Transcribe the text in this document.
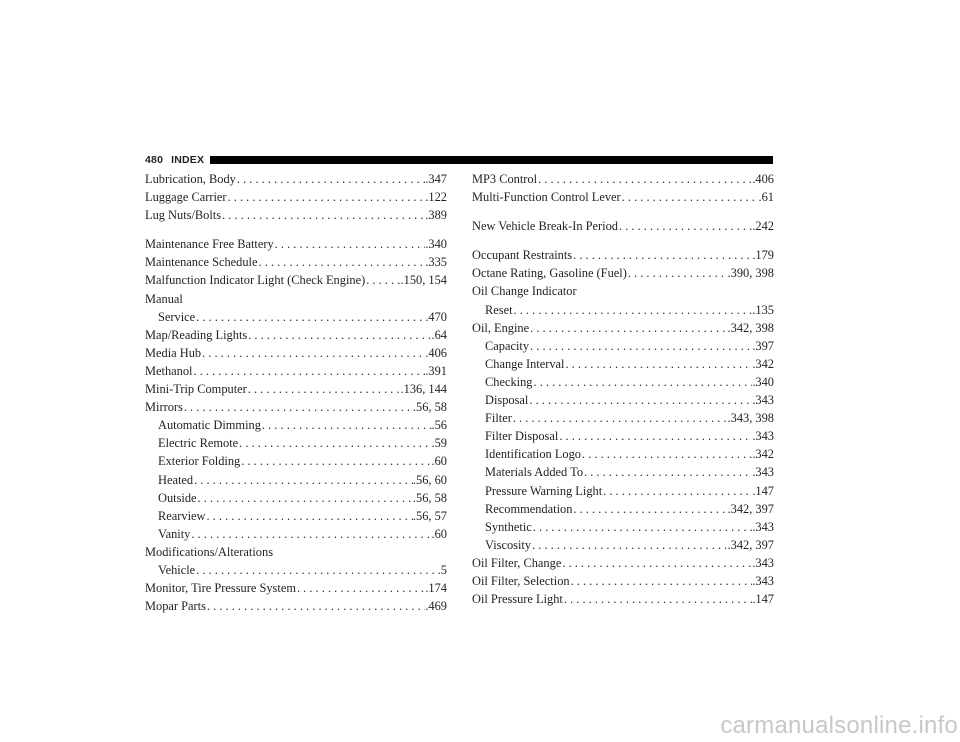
480 INDEX
Lubrication, Body . . .	.347
Luggage Carrier . . .	.122
Lug Nuts/Bolts . . .	.389
Maintenance Free Battery . . .	.340
Maintenance Schedule . . .	.335
Malfunction Indicator Light (Check Engine) . . .	.150, 154
Manual
Service . . .	.470
Map/Reading Lights . . .	.64
Media Hub . . .	.406
Methanol . . .	.391
Mini-Trip Computer . . .	.136, 144
Mirrors . . .	.56, 58
Automatic Dimming . . .	.56
Electric Remote . . .	.59
Exterior Folding . . .	.60
Heated . . .	.56, 60
Outside . . .	.56, 58
Rearview . . .	.56, 57
Vanity . . .	.60
Modifications/Alterations
Vehicle . . .	.5
Monitor, Tire Pressure System . . .	.174
Mopar Parts . . .	.469
MP3 Control . . .	.406
Multi-Function Control Lever . . .	.61
New Vehicle Break-In Period . . .	.242
Occupant Restraints . . .	.179
Octane Rating, Gasoline (Fuel) . . .	.390, 398
Oil Change Indicator
Reset . . .	.135
Oil, Engine . . .	.342, 398
Capacity . . .	.397
Change Interval . . .	.342
Checking . . .	.340
Disposal . . .	.343
Filter . . .	.343, 398
Filter Disposal . . .	.343
Identification Logo . . .	.342
Materials Added To . . .	.343
Pressure Warning Light . . .	.147
Recommendation . . .	.342, 397
Synthetic . . .	.343
Viscosity . . .	.342, 397
Oil Filter, Change . . .	.343
Oil Filter, Selection . . .	.343
Oil Pressure Light . . .	.147
carmanualsonline.info
